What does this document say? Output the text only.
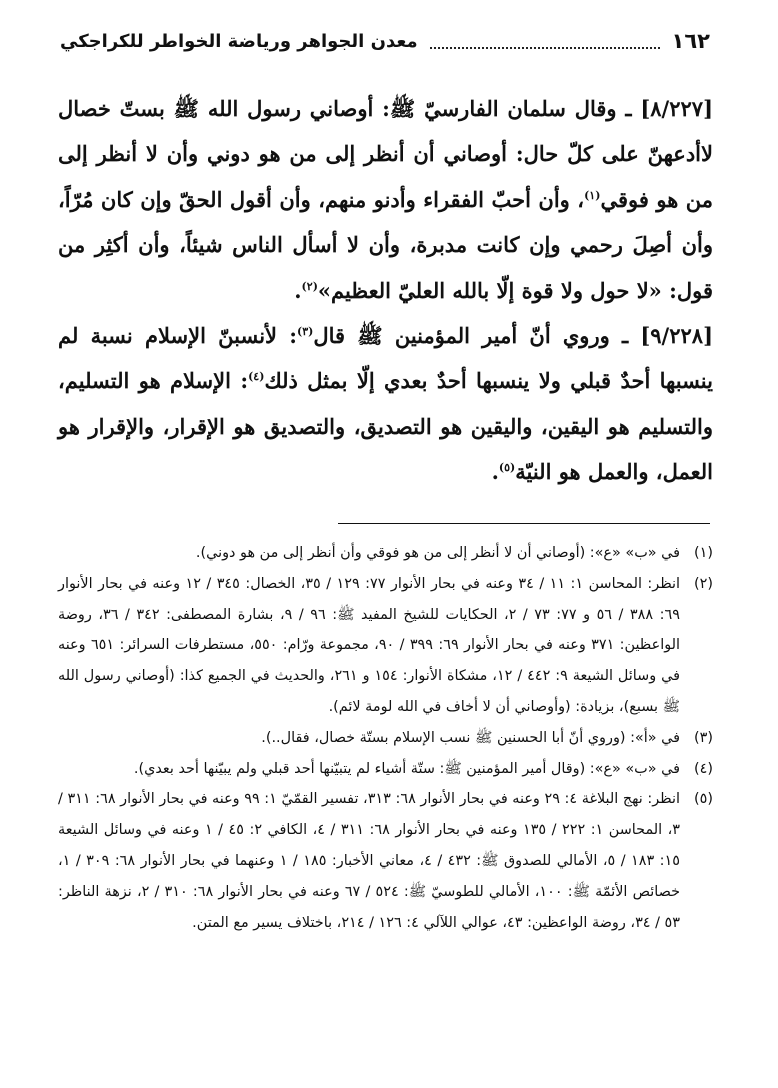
١٦٢
معدن الجواهر ورياضة الخواطر للكراجكي

[٨/٢٢٧] ـ وقال سلمان الفارسيّ ﷺ: أوصاني رسول الله ﷺ بستّ خصال لاأدعهنّ على كلّ حال: أوصاني أن أنظر إلى من هو دوني وأن لا أنظر إلى من هو فوقي$^{(١)}$، وأن أحبّ الفقراء وأدنو منهم، وأن أقول الحقّ وإن كان مُرّاً، وأن أصِلَ رحمي وإن كانت مدبرة، وأن لا أسأل الناس شيئاً، وأن أكثِر من قول: «لا حول ولا قوة إلّا بالله العليّ العظيم»$^{(٢)}$.

[٩/٢٢٨] ـ وروي أنّ أمير المؤمنين ﷺ قال$^{(٣)}$: لأنسبنّ الإسلام نسبة لم ينسبها أحدٌ قبلي ولا ينسبها أحدٌ بعدي إلّا بمثل ذلك$^{(٤)}$: الإسلام هو التسليم، والتسليم هو اليقين، واليقين هو التصديق، والتصديق هو الإقرار، والإقرار هو العمل، والعمل هو النيّة$^{(٥)}$.

(١)في «ب» «ع»: (أوصاني أن لا أنظر إلى من هو فوقي وأن أنظر إلى من هو دوني).

(٢)انظر: المحاسن ١: ١١ / ٣٤ وعنه في بحار الأنوار ٧٧: ١٢٩ / ٣٥، الخصال: ٣٤٥ / ١٢ وعنه في بحار الأنوار ٦٩: ٣٨٨ / ٥٦ و ٧٧: ٧٣ / ٢، الحكايات للشيخ المفيد ﷺ: ٩٦ / ٩، بشارة المصطفى: ٣٤٢ / ٣٦، روضة الواعظين: ٣٧١ وعنه في بحار الأنوار ٦٩: ٣٩٩ / ٩٠، مجموعة ورّام: ٥٥٠، مستطرفات السرائر: ٦٥١ وعنه في وسائل الشيعة ٩: ٤٤٢ / ١٢، مشكاة الأنوار: ١٥٤ و ٢٦١، والحديث في الجميع كذا: (أوصاني رسول الله ﷺ بسبع)، بزيادة: (وأوصاني أن لا أخاف في الله لومة لائم).

(٣)في «أ»: (وروي أنّ أبا الحسنين ﷺ نسب الإسلام بستّة خصال، فقال..).

(٤)في «ب» «ع»: (وقال أمير المؤمنين ﷺ: ستّة أشياء لم يتبيّنها أحد قبلي ولم يبيّنها أحد بعدي).

(٥)انظر: نهج البلاغة ٤: ٢٩ وعنه في بحار الأنوار ٦٨: ٣١٣، تفسير القمّيّ ١: ٩٩ وعنه في بحار الأنوار ٦٨: ٣١١ / ٣، المحاسن ١: ٢٢٢ / ١٣٥ وعنه في بحار الأنوار ٦٨: ٣١١ / ٤، الكافي ٢: ٤٥ / ١ وعنه في وسائل الشيعة ١٥: ١٨٣ / ٥، الأمالي للصدوق ﷺ: ٤٣٢ / ٤، معاني الأخبار: ١٨٥ / ١ وعنهما في بحار الأنوار ٦٨: ٣٠٩ / ١، خصائص الأئمّة ﷺ: ١٠٠، الأمالي للطوسيّ ﷺ: ٥٢٤ / ٦٧ وعنه في بحار الأنوار ٦٨: ٣١٠ / ٢، نزهة الناظر: ٥٣ / ٣٤، روضة الواعظين: ٤٣، عوالي اللآلي ٤: ١٢٦ / ٢١٤، باختلاف يسير مع المتن.
